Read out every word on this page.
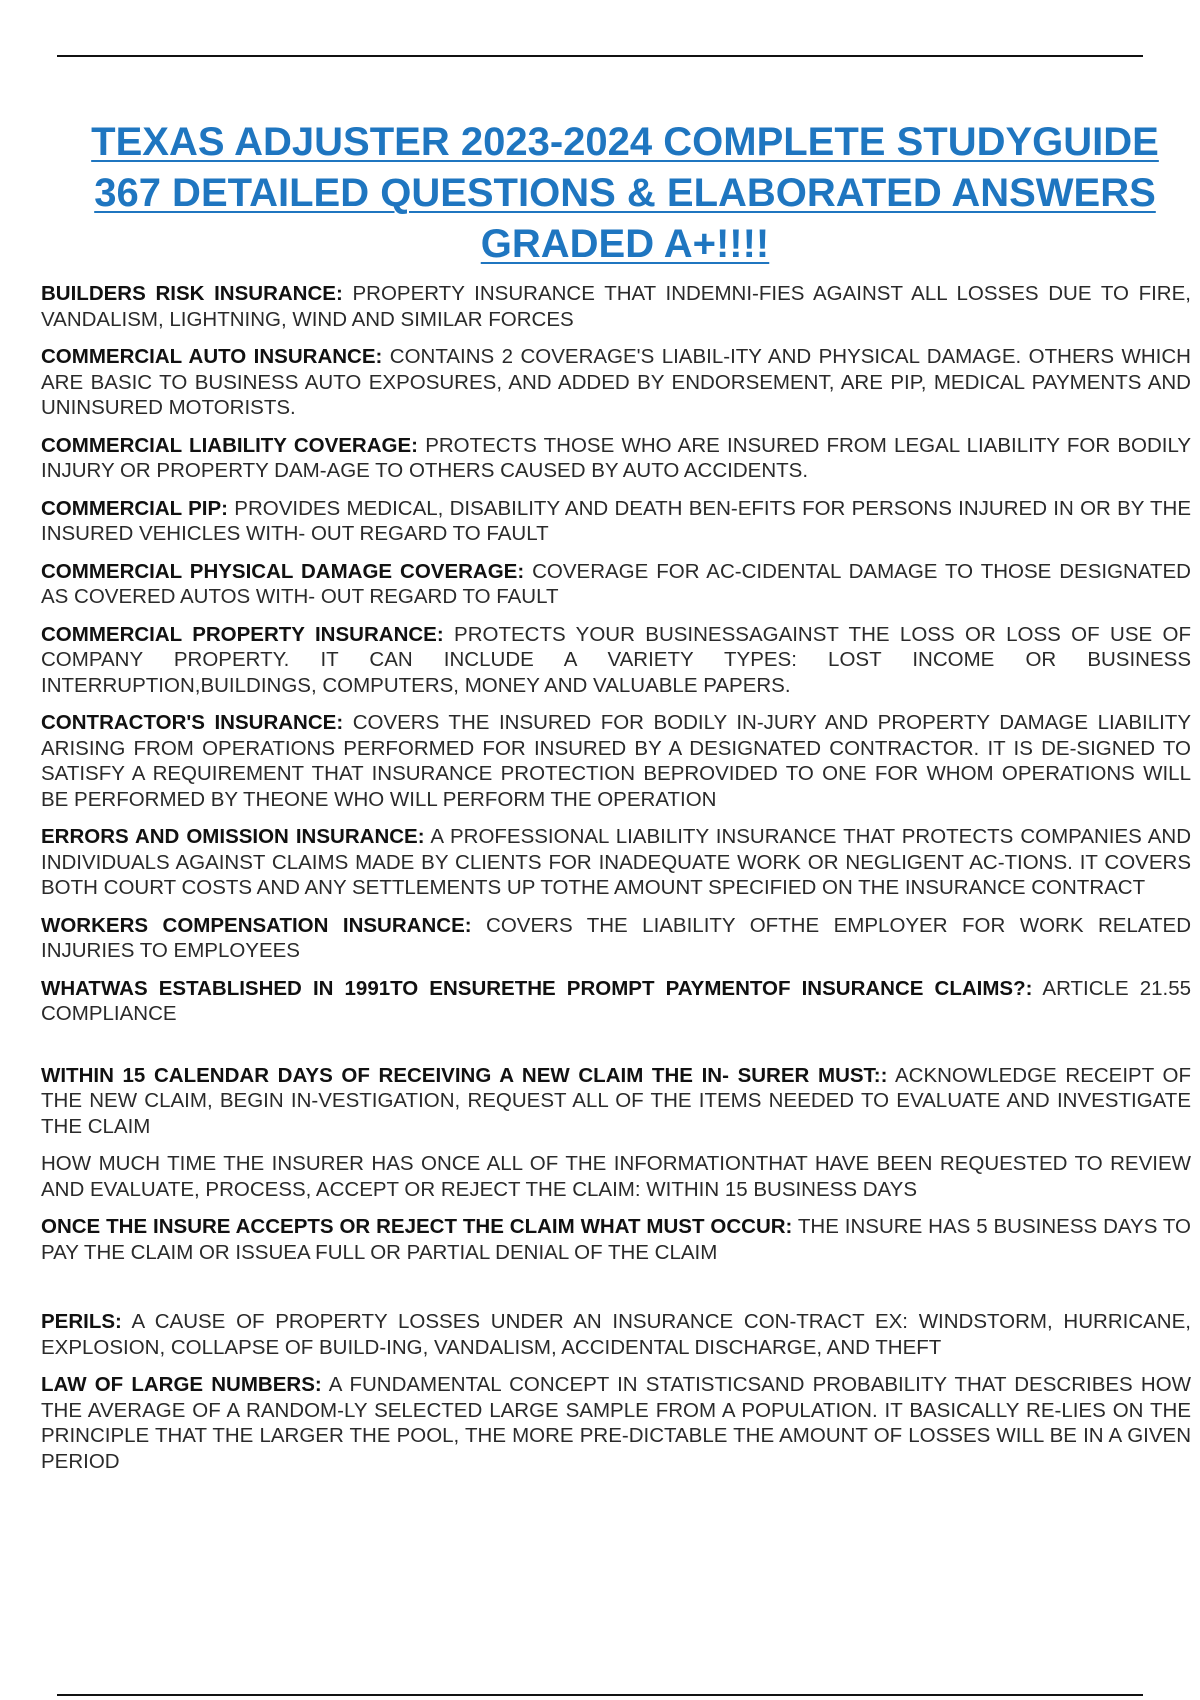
TEXAS ADJUSTER 2023-2024 COMPLETE STUDYGUIDE
367 DETAILED QUESTIONS & ELABORATED ANSWERS
GRADED A+!!!!

BUILDERS RISK INSURANCE: PROPERTY INSURANCE THAT INDEMNI-FIES AGAINST ALL LOSSES DUE TO FIRE, VANDALISM, LIGHTNING, WIND AND SIMILAR FORCES

COMMERCIAL AUTO INSURANCE: CONTAINS 2 COVERAGE'S LIABIL-ITY AND PHYSICAL DAMAGE. OTHERS WHICH ARE BASIC TO BUSINESS AUTO EXPOSURES, AND ADDED BY ENDORSEMENT, ARE PIP, MEDICAL PAYMENTS AND UNINSURED MOTORISTS.

COMMERCIAL LIABILITY COVERAGE: PROTECTS THOSE WHO ARE INSURED FROM LEGAL LIABILITY FOR BODILY INJURY OR PROPERTY DAM-AGE TO OTHERS CAUSED BY AUTO ACCIDENTS.

COMMERCIAL PIP: PROVIDES MEDICAL, DISABILITY AND DEATH BEN-EFITS FOR PERSONS INJURED IN OR BY THE INSURED VEHICLES WITH- OUT REGARD TO FAULT

COMMERCIAL PHYSICAL DAMAGE COVERAGE: COVERAGE FOR AC-CIDENTAL DAMAGE TO THOSE DESIGNATED AS COVERED AUTOS WITH- OUT REGARD TO FAULT

COMMERCIAL PROPERTY INSURANCE: PROTECTS YOUR BUSINESSAGAINST THE LOSS OR LOSS OF USE OF COMPANY PROPERTY. IT CAN INCLUDE A VARIETY TYPES: LOST INCOME OR BUSINESS INTERRUPTION,BUILDINGS, COMPUTERS, MONEY AND VALUABLE PAPERS.

CONTRACTOR'S INSURANCE: COVERS THE INSURED FOR BODILY IN-JURY AND PROPERTY DAMAGE LIABILITY ARISING FROM OPERATIONS PERFORMED FOR INSURED BY A DESIGNATED CONTRACTOR. IT IS DE-SIGNED TO SATISFY A REQUIREMENT THAT INSURANCE PROTECTION BEPROVIDED TO ONE FOR WHOM OPERATIONS WILL BE PERFORMED BY THEONE WHO WILL PERFORM THE OPERATION

ERRORS AND OMISSION INSURANCE: A PROFESSIONAL LIABILITY INSURANCE THAT PROTECTS COMPANIES AND INDIVIDUALS AGAINST CLAIMS MADE BY CLIENTS FOR INADEQUATE WORK OR NEGLIGENT AC-TIONS. IT COVERS BOTH COURT COSTS AND ANY SETTLEMENTS UP TOTHE AMOUNT SPECIFIED ON THE INSURANCE CONTRACT

WORKERS COMPENSATION INSURANCE: COVERS THE LIABILITY OFTHE EMPLOYER FOR WORK RELATED INJURIES TO EMPLOYEES

WHATWAS ESTABLISHED IN 1991TO ENSURETHE PROMPT PAYMENTOF INSURANCE CLAIMS?: ARTICLE 21.55 COMPLIANCE

WITHIN 15 CALENDAR DAYS OF RECEIVING A NEW CLAIM THE IN- SURER MUST:: ACKNOWLEDGE RECEIPT OF THE NEW CLAIM, BEGIN IN-VESTIGATION, REQUEST ALL OF THE ITEMS NEEDED TO EVALUATE AND INVESTIGATE THE CLAIM

HOW MUCH TIME THE INSURER HAS ONCE ALL OF THE INFORMATIONTHAT HAVE BEEN REQUESTED TO REVIEW AND EVALUATE, PROCESS, ACCEPT OR REJECT THE CLAIM: WITHIN 15 BUSINESS DAYS

ONCE THE INSURE ACCEPTS OR REJECT THE CLAIM WHAT MUST OCCUR: THE INSURE HAS 5 BUSINESS DAYS TO PAY THE CLAIM OR ISSUEA FULL OR PARTIAL DENIAL OF THE CLAIM

PERILS: A CAUSE OF PROPERTY LOSSES UNDER AN INSURANCE CON-TRACT EX: WINDSTORM, HURRICANE, EXPLOSION, COLLAPSE OF BUILD-ING, VANDALISM, ACCIDENTAL DISCHARGE, AND THEFT

LAW OF LARGE NUMBERS: A FUNDAMENTAL CONCEPT IN STATISTICSAND PROBABILITY THAT DESCRIBES HOW THE AVERAGE OF A RANDOM-LY SELECTED LARGE SAMPLE FROM A POPULATION. IT BASICALLY RE-LIES ON THE PRINCIPLE THAT THE LARGER THE POOL, THE MORE PRE-DICTABLE THE AMOUNT OF LOSSES WILL BE IN A GIVEN PERIOD
